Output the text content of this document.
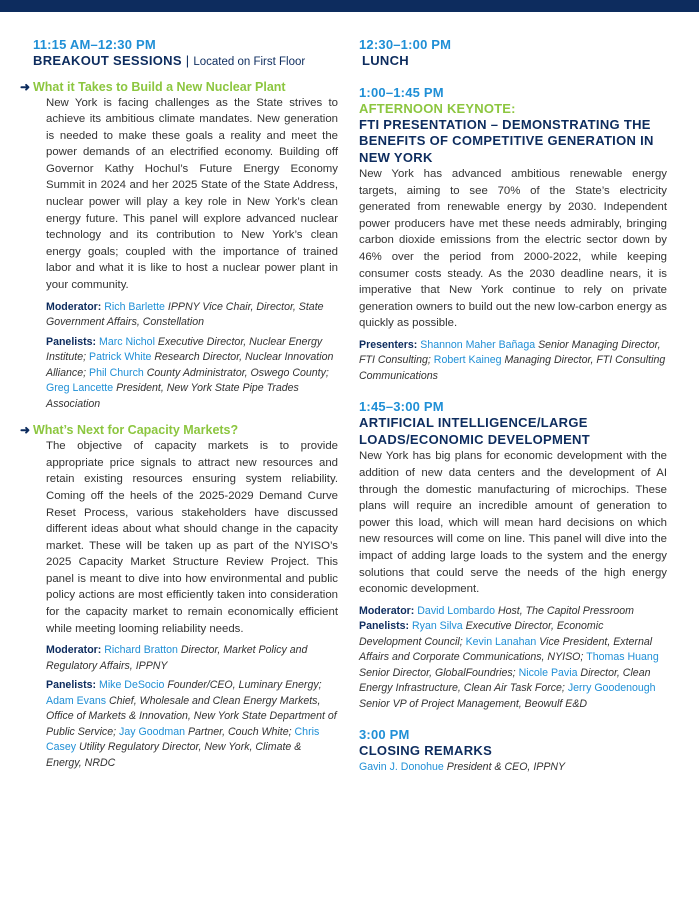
11:15 AM–12:30 PM
BREAKOUT SESSIONS | Located on First Floor
➜ What it Takes to Build a New Nuclear Plant
New York is facing challenges as the State strives to achieve its ambitious climate mandates. New generation is needed to make these goals a reality and meet the power demands of an electrified economy. Building off Governor Kathy Hochul’s Future Energy Economy Summit in 2024 and her 2025 State of the State Address, nuclear power will play a key role in New York’s clean energy future. This panel will explore advanced nuclear technology and its contribution to New York’s clean energy goals; coupled with the importance of trained labor and what it is like to host a nuclear power plant in your community.
Moderator: Rich Barlette IPPNY Vice Chair, Director, State Government Affairs, Constellation
Panelists: Marc Nichol Executive Director, Nuclear Energy Institute; Patrick White Research Director, Nuclear Innovation Alliance; Phil Church County Administrator, Oswego County; Greg Lancette President, New York State Pipe Trades Association
➜ What’s Next for Capacity Markets?
The objective of capacity markets is to provide appropriate price signals to attract new resources and retain existing resources ensuring system reliability. Coming off the heels of the 2025-2029 Demand Curve Reset Process, various stakeholders have discussed different ideas about what should change in the capacity market. These will be taken up as part of the NYISO’s 2025 Capacity Market Structure Review Project. This panel is meant to dive into how environmental and public policy actions are most efficiently taken into consideration for the capacity market to remain economically efficient while meeting looming reliability needs.
Moderator: Richard Bratton Director, Market Policy and Regulatory Affairs, IPPNY
Panelists: Mike DeSocio Founder/CEO, Luminary Energy; Adam Evans Chief, Wholesale and Clean Energy Markets, Office of Markets & Innovation, New York State Department of Public Service; Jay Goodman Partner, Couch White; Chris Casey Utility Regulatory Director, New York, Climate & Energy, NRDC
12:30–1:00 PM
LUNCH
1:00–1:45 PM
AFTERNOON KEYNOTE:
FTI PRESENTATION – DEMONSTRATING THE BENEFITS OF COMPETITIVE GENERATION IN NEW YORK
New York has advanced ambitious renewable energy targets, aiming to see 70% of the State’s electricity generated from renewable energy by 2030. Independent power producers have met these needs admirably, bringing carbon dioxide emissions from the electric sector down by 46% over the period from 2000-2022, while keeping consumer costs steady. As the 2030 deadline nears, it is imperative that New York continue to rely on private generation owners to build out the new low-carbon energy as quickly as possible.
Presenters: Shannon Maher Bañaga Senior Managing Director, FTI Consulting; Robert Kaineg Managing Director, FTI Consulting Communications
1:45–3:00 PM
ARTIFICIAL INTELLIGENCE/LARGE LOADS/ECONOMIC DEVELOPMENT
New York has big plans for economic development with the addition of new data centers and the development of AI through the domestic manufacturing of microchips. These plans will require an incredible amount of generation to power this load, which will mean hard decisions on which new resources will come on line. This panel will dive into the impact of adding large loads to the system and the energy solutions that could serve the needs of the high energy economic development.
Moderator: David Lombardo Host, The Capitol Pressroom
Panelists: Ryan Silva Executive Director, Economic Development Council; Kevin Lanahan Vice President, External Affairs and Corporate Communications, NYISO; Thomas Huang Senior Director, GlobalFoundries; Nicole Pavia Director, Clean Energy Infrastructure, Clean Air Task Force; Jerry Goodenough Senior VP of Project Management, Beowulf E&D
3:00 PM
CLOSING REMARKS
Gavin J. Donohue President & CEO, IPPNY
